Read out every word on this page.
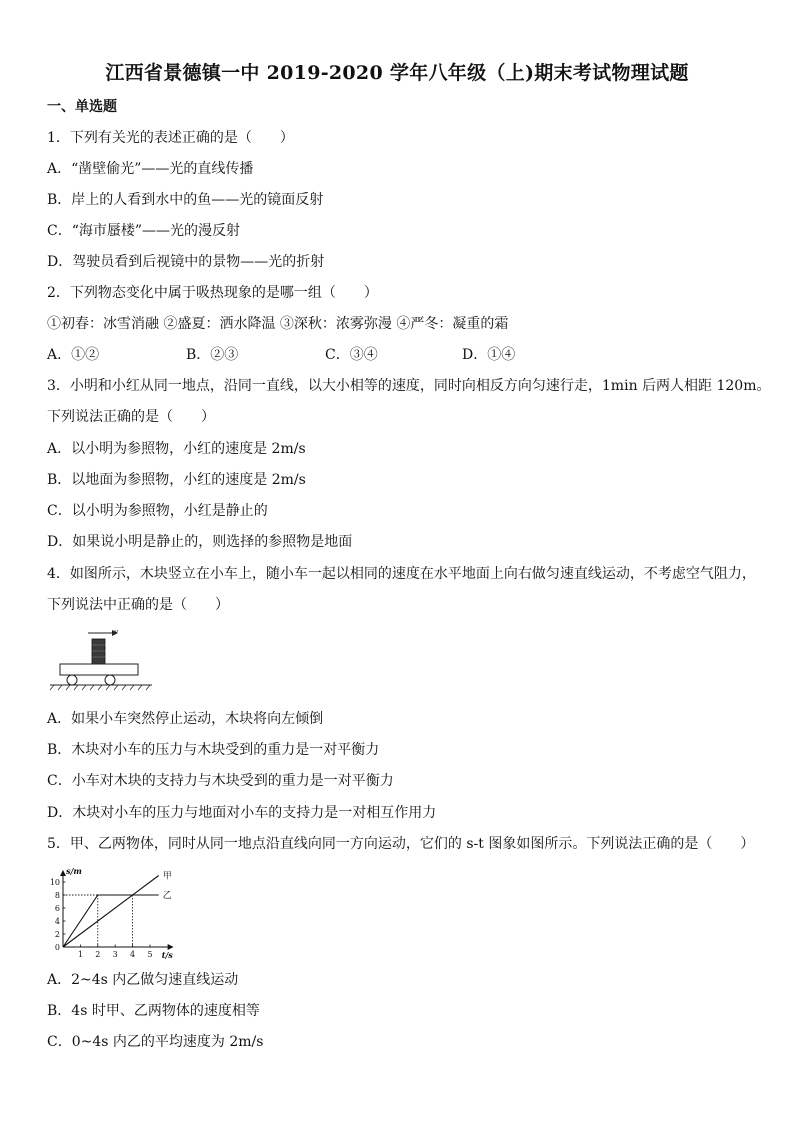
江西省景德镇一中 2019-2020 学年八年级（上)期末考试物理试题
一、单选题
1．下列有关光的表述正确的是（　　）
A．“凿壁偷光”——光的直线传播
B．岸上的人看到水中的鱼——光的镜面反射
C．“海市蜃楼”——光的漫反射
D．驾驶员看到后视镜中的景物——光的折射
2．下列物态变化中属于吸热现象的是哪一组（　　）
①初春：冰雪消融 ②盛夏：洒水降温 ③深秋：浓雾弥漫 ④严冬：凝重的霜
A．①②	B．②③	C．③④	D．①④
3．小明和小红从同一地点，沿同一直线，以大小相等的速度，同时向相反方向匀速行走，1min 后两人相距 120m。
下列说法正确的是（　　）
A．以小明为参照物，小红的速度是 2m/s
B．以地面为参照物，小红的速度是 2m/s
C．以小明为参照物，小红是静止的
D．如果说小明是静止的，则选择的参照物是地面
4．如图所示，木块竖立在小车上，随小车一起以相同的速度在水平地面上向右做匀速直线运动，不考虑空气阻力，
下列说法中正确的是（　　）
v
A．如果小车突然停止运动，木块将向左倾倒
B．木块对小车的压力与木块受到的重力是一对平衡力
C．小车对木块的支持力与木块受到的重力是一对平衡力
D．木块对小车的压力与地面对小车的支持力是一对相互作用力
5．甲、乙两物体，同时从同一地点沿直线向同一方向运动，它们的 s-t 图象如图所示。下列说法正确的是（　　）
0
2
4
6
8
10
1 2 3 4 5
甲
乙
s/m
t/s
A．2~4s 内乙做匀速直线运动
B．4s 时甲、乙两物体的速度相等
C．0~4s 内乙的平均速度为 2m/s
